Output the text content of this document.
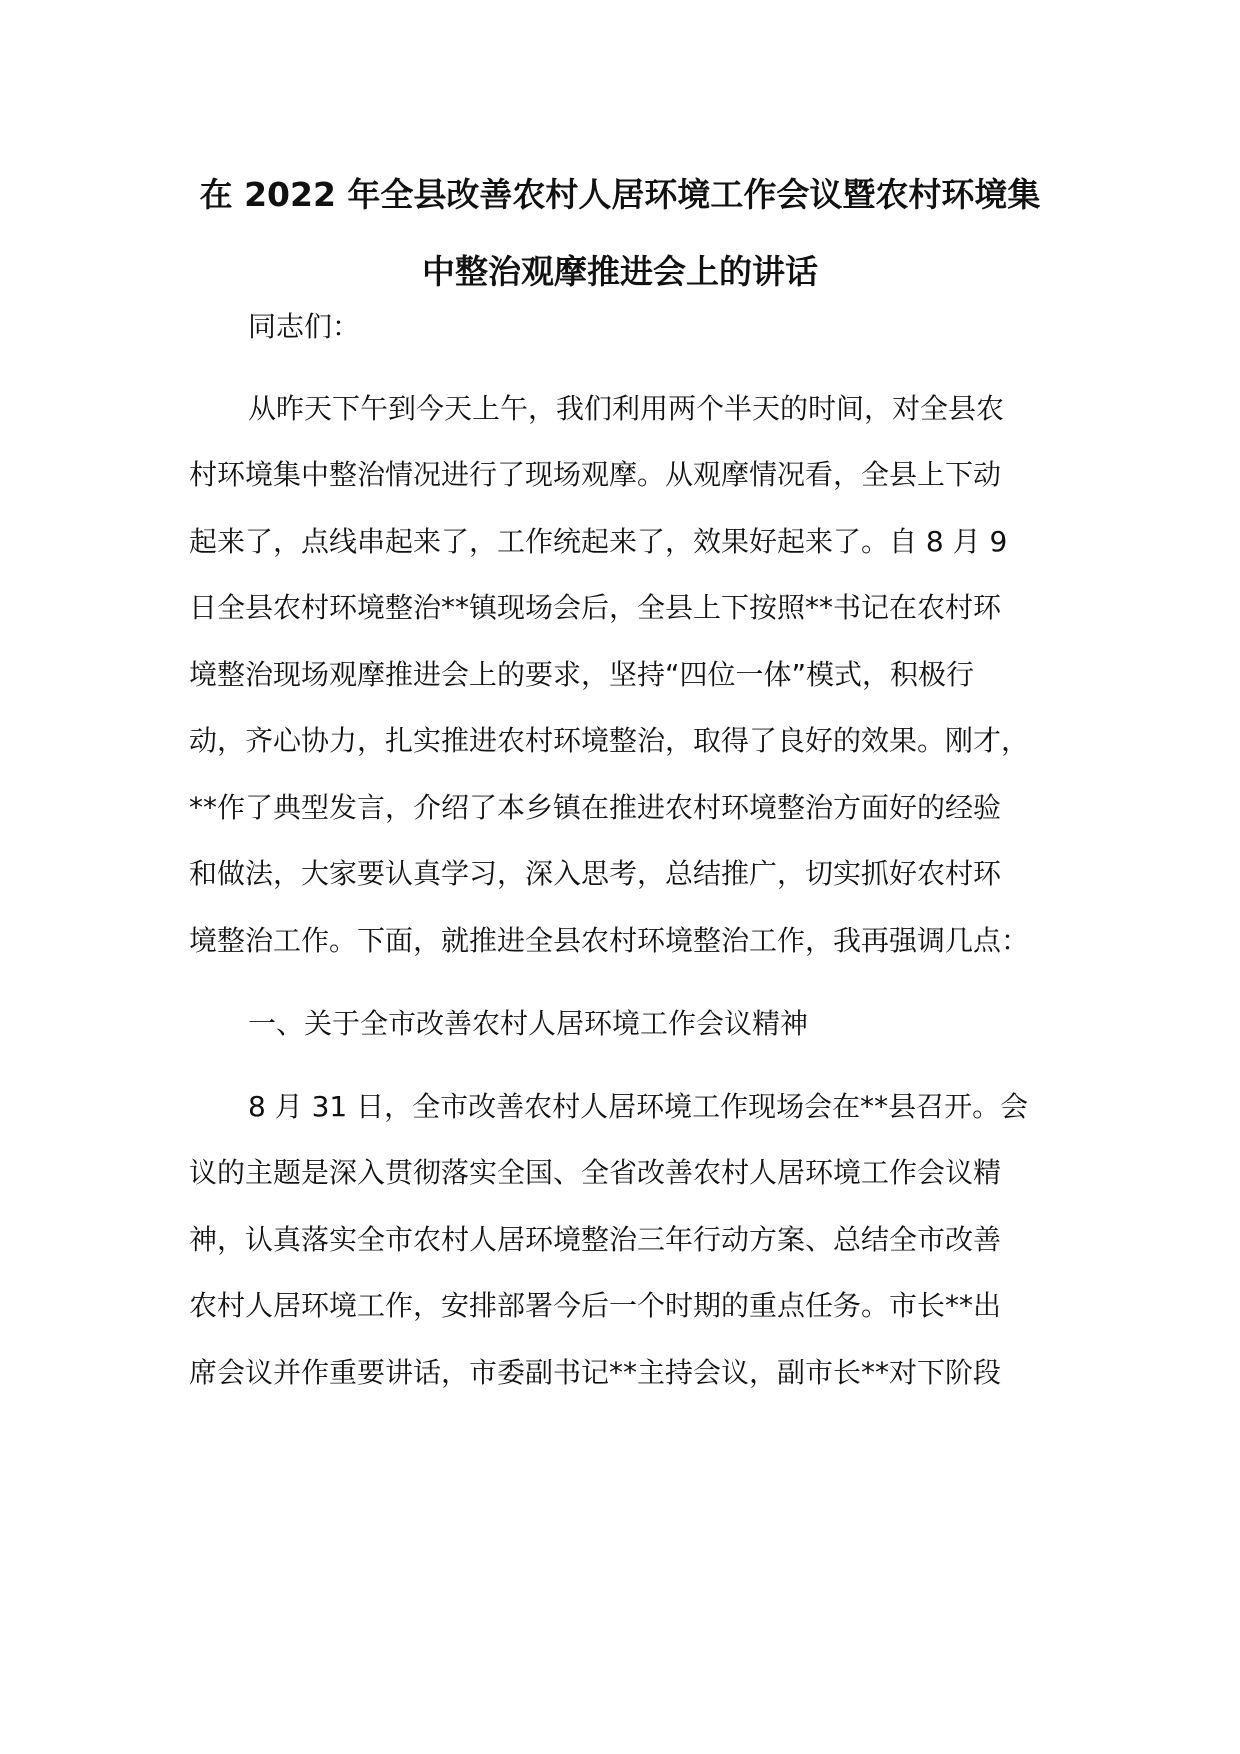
在 2022 年全县改善农村人居环境工作会议暨农村环境集
中整治观摩推进会上的讲话

同志们：

从昨天下午到今天上午，我们利用两个半天的时间，对全县农

村环境集中整治情况进行了现场观摩。从观摩情况看，全县上下动

起来了，点线串起来了，工作统起来了，效果好起来了。自 8 月 9

日全县农村环境整治**镇现场会后，全县上下按照**书记在农村环

境整治现场观摩推进会上的要求，坚持“四位一体”模式，积极行

动，齐心协力，扎实推进农村环境整治，取得了良好的效果。刚才，

**作了典型发言，介绍了本乡镇在推进农村环境整治方面好的经验

和做法，大家要认真学习，深入思考，总结推广，切实抓好农村环

境整治工作。下面，就推进全县农村环境整治工作，我再强调几点：

一、关于全市改善农村人居环境工作会议精神

8 月 31 日，全市改善农村人居环境工作现场会在**县召开。会

议的主题是深入贯彻落实全国、全省改善农村人居环境工作会议精

神，认真落实全市农村人居环境整治三年行动方案、总结全市改善

农村人居环境工作，安排部署今后一个时期的重点任务。市长**出

席会议并作重要讲话，市委副书记**主持会议，副市长**对下阶段
